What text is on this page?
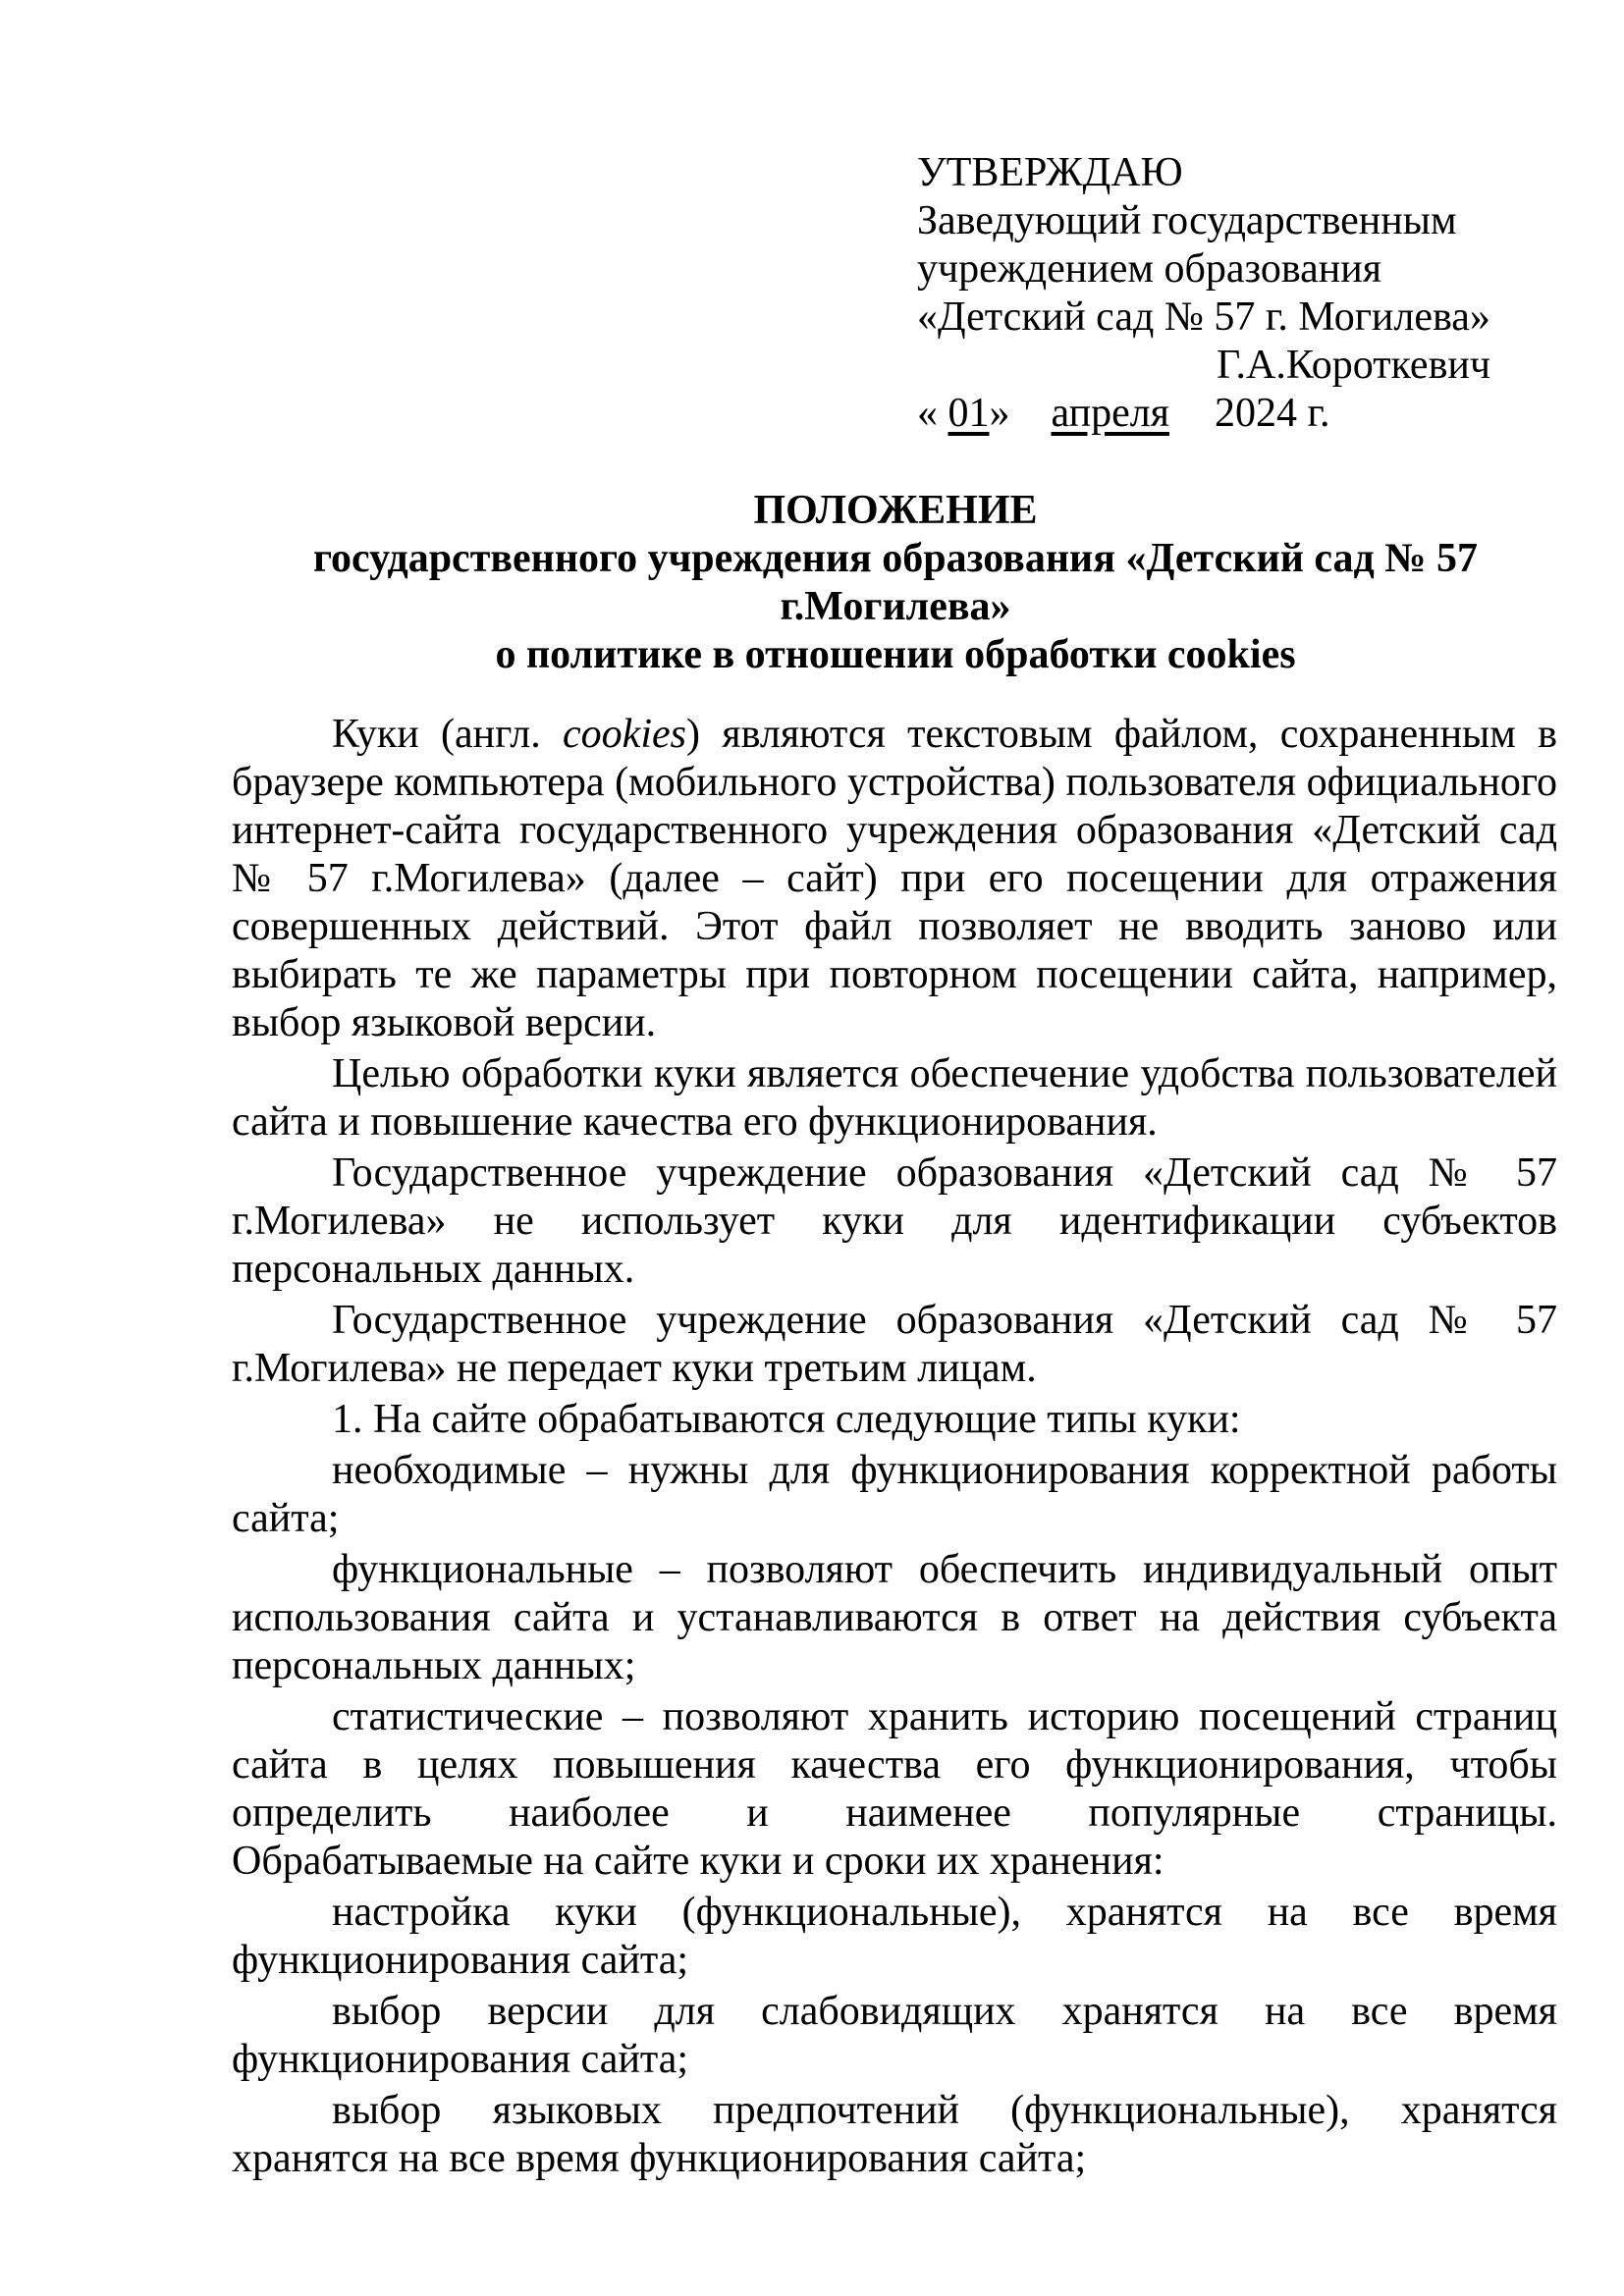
УТВЕРЖДАЮ
Заведующий государственным
учреждением образования
«Детский сад № 57 г. Могилева»
Г.А.Короткевич
« 01» апреля 2024 г.
ПОЛОЖЕНИЕ
государственного учреждения образования «Детский сад № 57
г.Могилева»
о политике в отношении обработки cookies

Куки (англ. cookies) являются текстовым файлом, сохраненным в браузере компьютера (мобильного устройства) пользователя официального интернет-сайта государственного учреждения образования «Детский сад № 57 г.Могилева» (далее – сайт) при его посещении для отражения совершенных действий. Этот файл позволяет не вводить заново или выбирать те же параметры при повторном посещении сайта, например, выбор языковой версии.

Целью обработки куки является обеспечение удобства пользователей сайта и повышение качества его функционирования.

Государственное учреждение образования «Детский сад № 57 г.Могилева» не использует куки для идентификации субъектов персональных данных.

Государственное учреждение образования «Детский сад № 57 г.Могилева» не передает куки третьим лицам.

1. На сайте обрабатываются следующие типы куки:

необходимые – нужны для функционирования корректной работы сайта;

функциональные – позволяют обеспечить индивидуальный опыт использования сайта и устанавливаются в ответ на действия субъекта персональных данных;

статистические – позволяют хранить историю посещений страниц сайта в целях повышения качества его функционирования, чтобы определить наиболее и наименее популярные страницы.

Обрабатываемые на сайте куки и сроки их хранения:

настройка куки (функциональные), хранятся на все время функционирования сайта;

выбор версии для слабовидящих хранятся на все время функционирования сайта;

выбор языковых предпочтений (функциональные), хранятся хранятся на все время функционирования сайта;
